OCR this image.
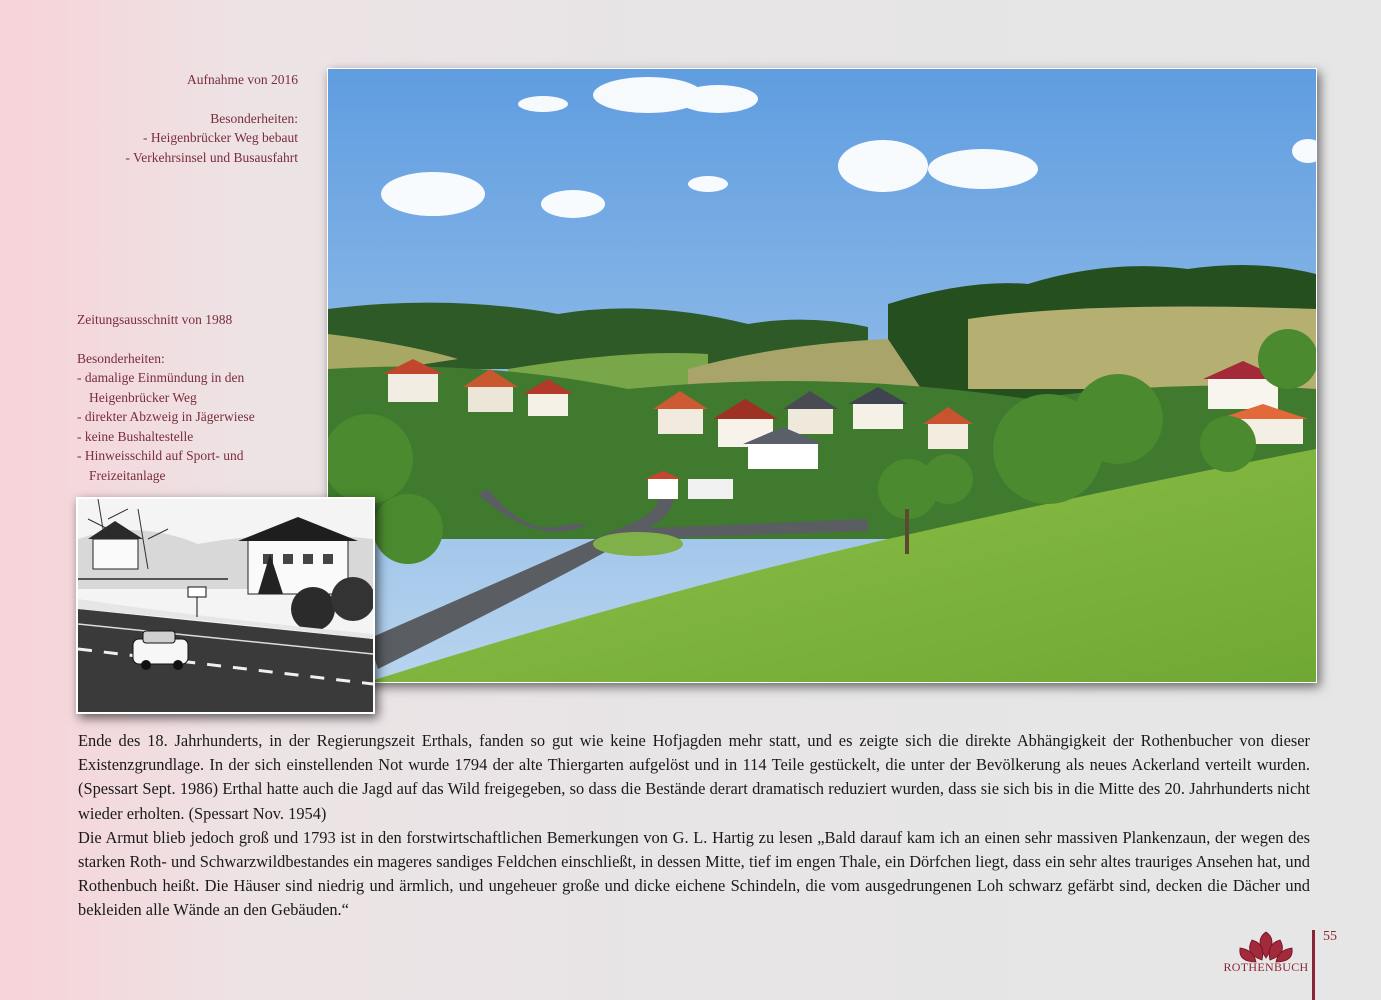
Aufnahme von 2016

Besonderheiten:

- Heigenbrücker Weg bebaut

- Verkehrsinsel und Busausfahrt

Zeitungsausschnitt von 1988

Besonderheiten:

- damalige Einmündung in den

Heigenbrücker Weg

- direkter Abzweig in Jägerwiese

- keine Bushaltestelle

- Hinweisschild auf Sport- und

Freizeitanlage

Ende des 18. Jahrhunderts, in der Regierungszeit Erthals, fanden so gut wie keine Hofjagden mehr statt, und es zeigte sich die direkte Abhängigkeit der Rothenbucher von dieser Existenzgrundlage. In der sich einstellenden Not wurde 1794 der alte Thiergarten aufgelöst und in 114 Teile gestückelt, die unter der Bevölkerung als neues Ackerland verteilt wurden. (Spessart Sept. 1986) Erthal hatte auch die Jagd auf das Wild freigegeben, so dass die Bestände derart dramatisch reduziert wurden, dass sie sich bis in die Mitte des 20. Jahrhunderts nicht wieder erholten. (Spessart Nov. 1954)

Die Armut blieb jedoch groß und 1793 ist in den forstwirtschaftlichen Bemerkungen von G. L. Hartig zu lesen „Bald darauf kam ich an einen sehr massiven Plankenzaun, der wegen des starken Roth- und Schwarzwildbestandes ein mageres sandiges Feldchen einschließt, in dessen Mitte, tief im engen Thale, ein Dörfchen liegt, dass ein sehr altes trauriges Ansehen hat, und Rothenbuch heißt. Die Häuser sind niedrig und ärmlich, und ungeheuer große und dicke eichene Schindeln, die vom ausgedrungenen Loh schwarz gefärbt sind, decken die Dächer und bekleiden alle Wände an den Gebäuden.“

ROTHENBUCH
55
